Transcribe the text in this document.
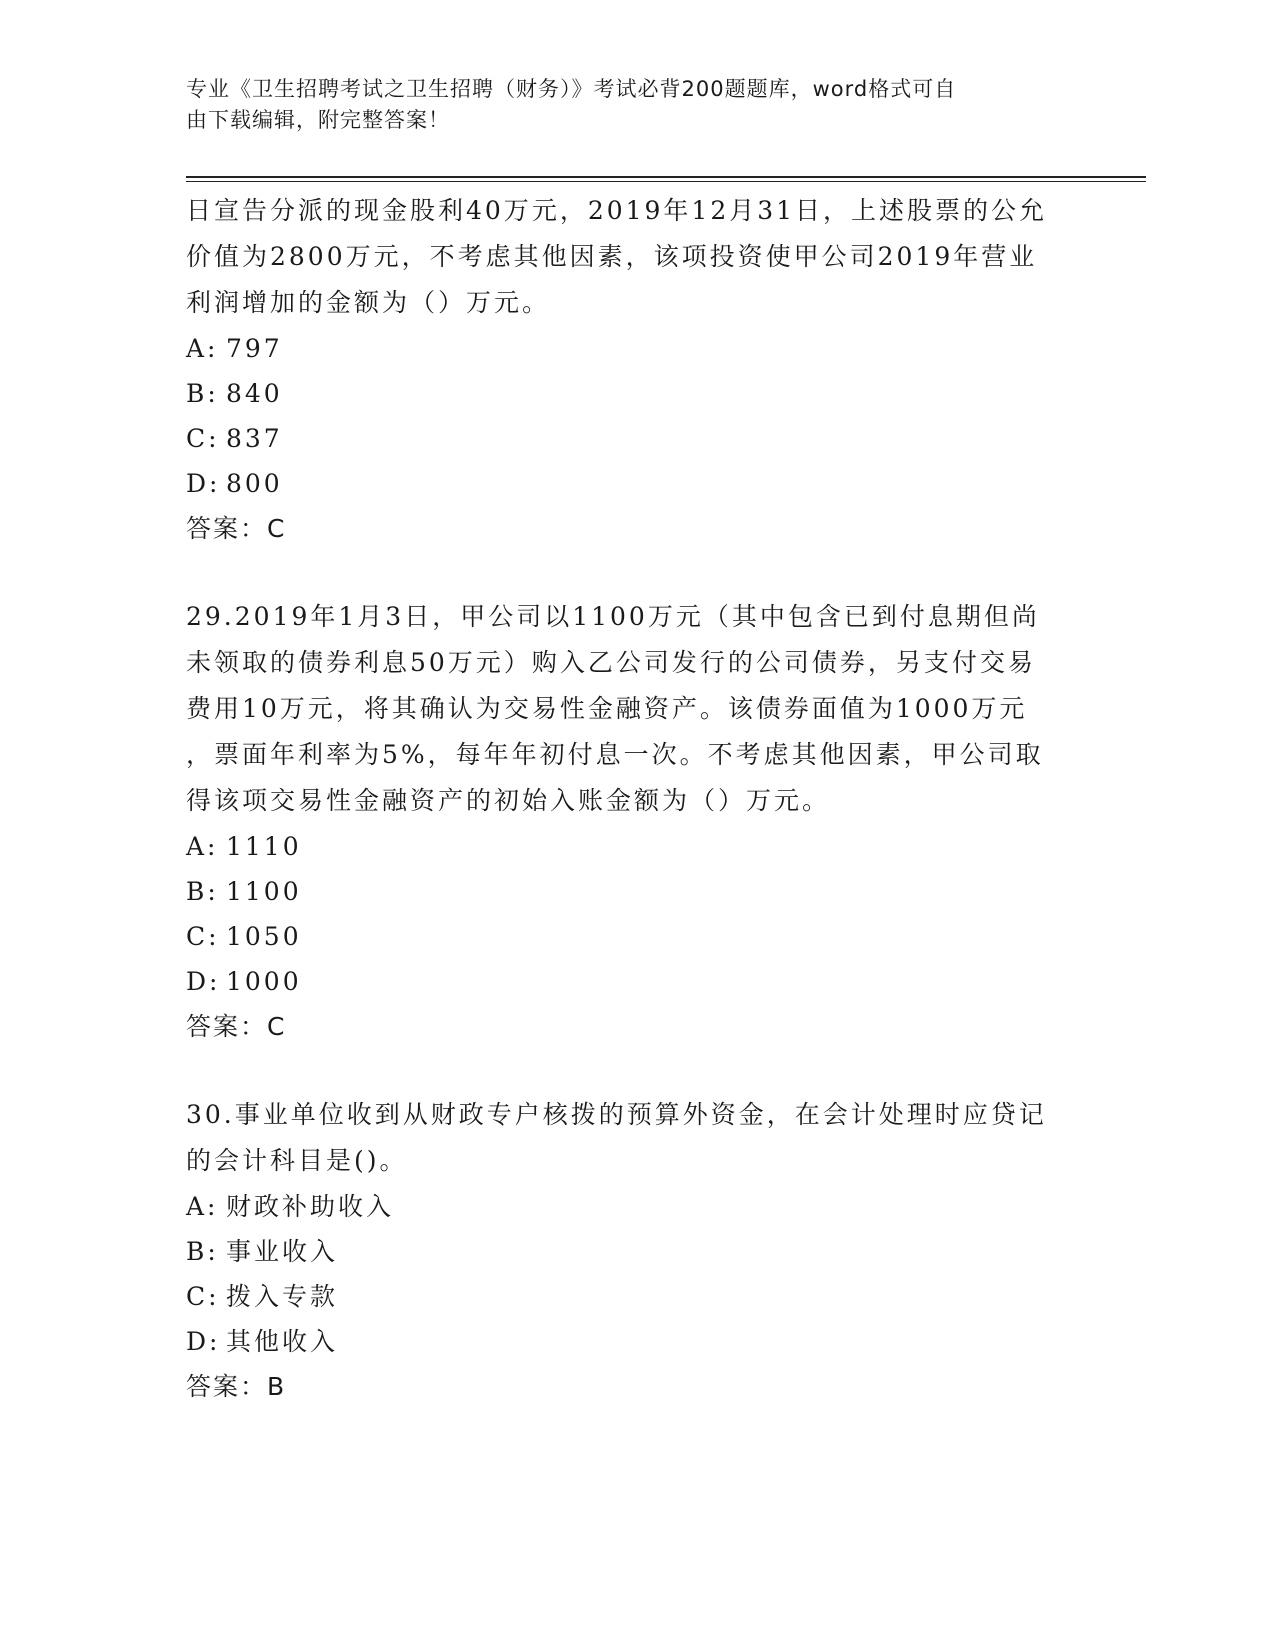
专业《卫生招聘考试之卫生招聘（财务）》考试必背200题题库，word格式可自
由下载编辑，附完整答案！

日宣告分派的现金股利40万元，2019年12月31日，上述股票的公允
价值为2800万元，不考虑其他因素，该项投资使甲公司2019年营业
利润增加的金额为（）万元。

A: 797
B: 840
C: 837
D: 800
答案：C

29.2019年1月3日，甲公司以1100万元（其中包含已到付息期但尚
未领取的债券利息50万元）购入乙公司发行的公司债券，另支付交易
费用10万元，将其确认为交易性金融资产。该债券面值为1000万元
，票面年利率为5%，每年年初付息一次。不考虑其他因素，甲公司取
得该项交易性金融资产的初始入账金额为（）万元。

A: 1110
B: 1100
C: 1050
D: 1000
答案：C

30.事业单位收到从财政专户核拨的预算外资金，在会计处理时应贷记
的会计科目是()。

A: 财政补助收入
B: 事业收入
C: 拨入专款
D: 其他收入
答案：B
